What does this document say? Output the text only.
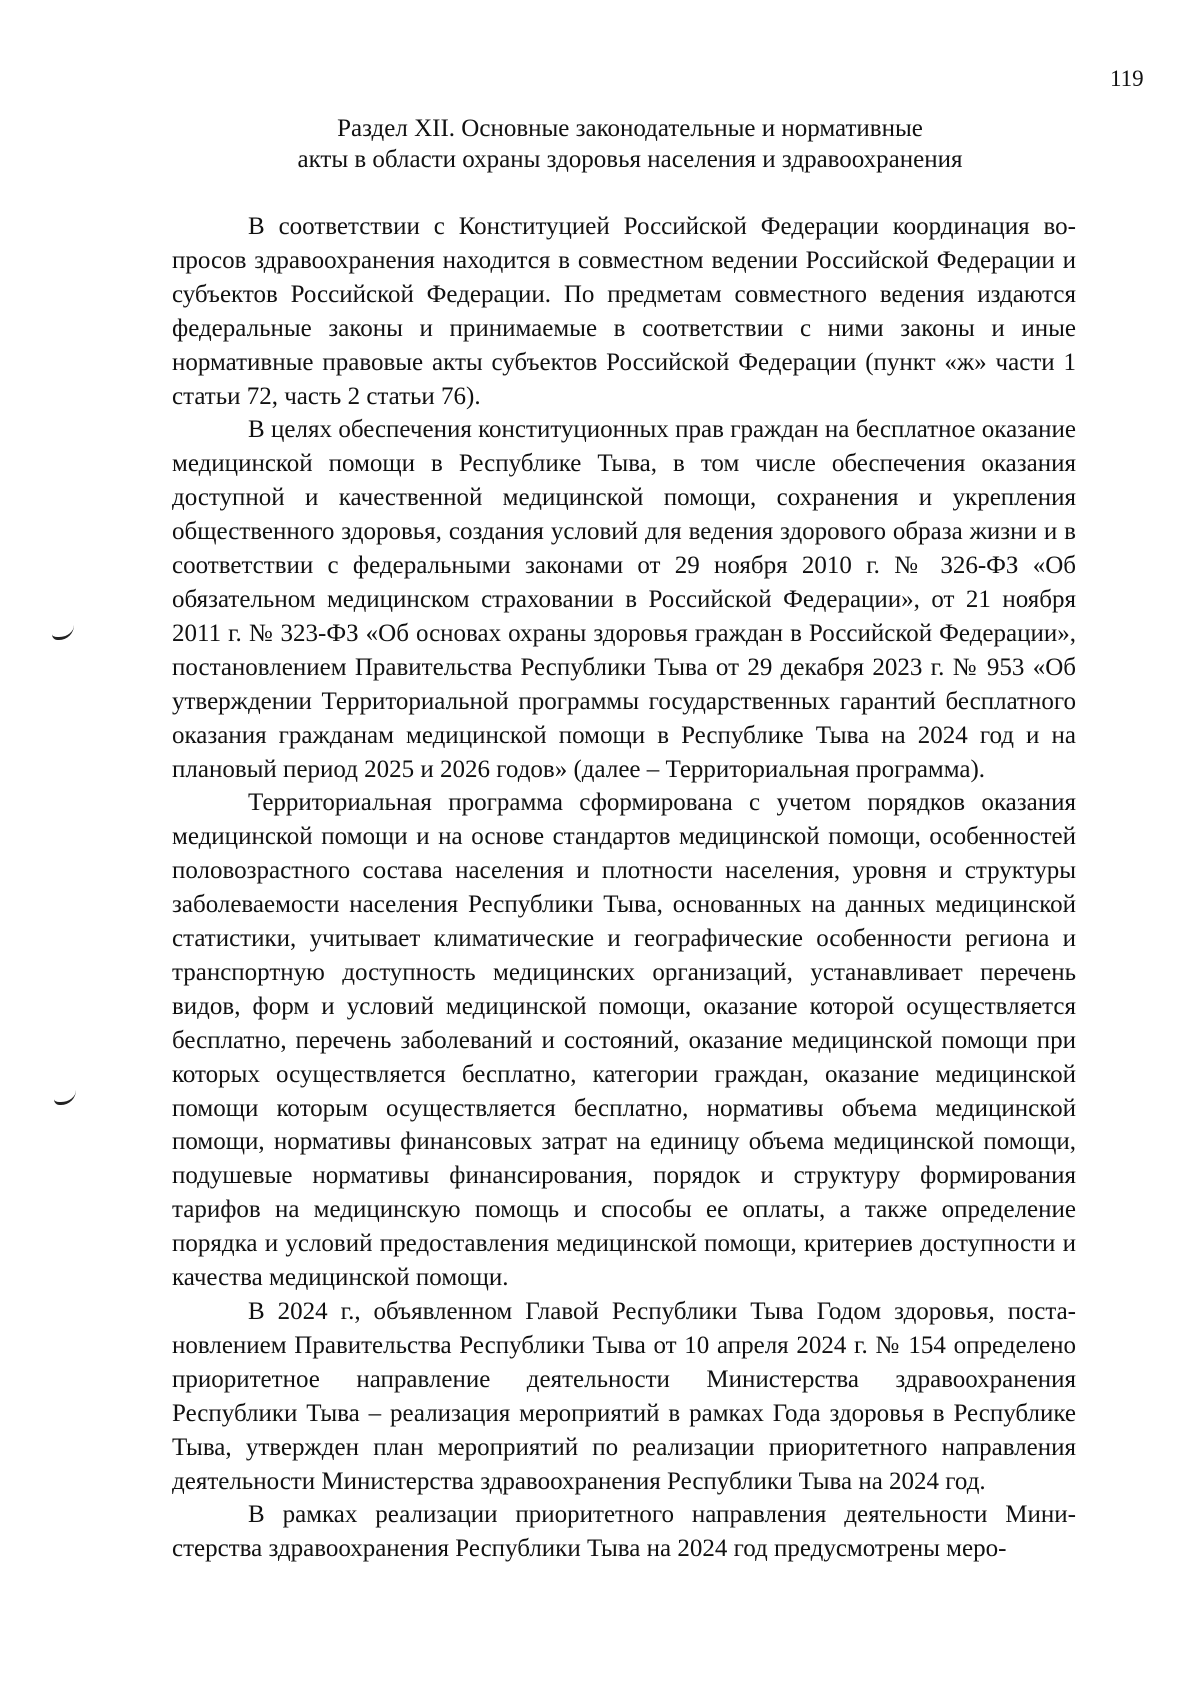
119
Раздел XII. Основные законодательные и нормативные
акты в области охраны здоровья населения и здравоохранения

В соответствии с Конституцией Российской Федерации координация вопросов здравоохранения находится в совместном ведении Российской Федерации и субъектов Российской Федерации. По предметам совместного ведения издаются федеральные законы и принимаемые в соответствии с ними законы и иные нормативные правовые акты субъектов Российской Федерации (пункт «ж» части 1 статьи 72, часть 2 статьи 76).

В целях обеспечения конституционных прав граждан на бесплатное оказание медицинской помощи в Республике Тыва, в том числе обеспечения оказания доступной и качественной медицинской помощи, сохранения и укрепления общественного здоровья, создания условий для ведения здорового образа жизни и в соответствии с федеральными законами от 29 ноября 2010 г. № 326-ФЗ «Об обязательном медицинском страховании в Российской Федерации», от 21 ноября 2011 г. № 323-ФЗ «Об основах охраны здоровья граждан в Российской Федерации», постановлением Правительства Республики Тыва от 29 декабря 2023 г. № 953 «Об утверждении Территориальной программы государственных гарантий бесплатного оказания гражданам медицинской помощи в Республике Тыва на 2024 год и на плановый период 2025 и 2026 годов» (далее – Территориальная программа).

Территориальная программа сформирована с учетом порядков оказания медицинской помощи и на основе стандартов медицинской помощи, особенностей половозрастного состава населения и плотности населения, уровня и структуры заболеваемости населения Республики Тыва, основанных на данных медицинской статистики, учитывает климатические и географические особенности региона и транспортную доступность медицинских организаций, устанавливает перечень видов, форм и условий медицинской помощи, оказание которой осуществляется бесплатно, перечень заболеваний и состояний, оказание медицинской помощи при которых осуществляется бесплатно, категории граждан, оказание медицинской помощи которым осуществляется бесплатно, нормативы объема медицинской помощи, нормативы финансовых затрат на единицу объема медицинской помощи, подушевые нормативы финансирования, порядок и структуру формирования тарифов на медицинскую помощь и способы ее оплаты, а также определение порядка и условий предоставления медицинской помощи, критериев доступности и качества медицинской помощи.

В 2024 г., объявленном Главой Республики Тыва Годом здоровья, постановлением Правительства Республики Тыва от 10 апреля 2024 г. № 154 определено приоритетное направление деятельности Министерства здравоохранения Республики Тыва – реализация мероприятий в рамках Года здоровья в Республике Тыва, утвержден план мероприятий по реализации приоритетного направления деятельности Министерства здравоохранения Республики Тыва на 2024 год.

В рамках реализации приоритетного направления деятельности Министерства здравоохранения Республики Тыва на 2024 год предусмотрены меро-
